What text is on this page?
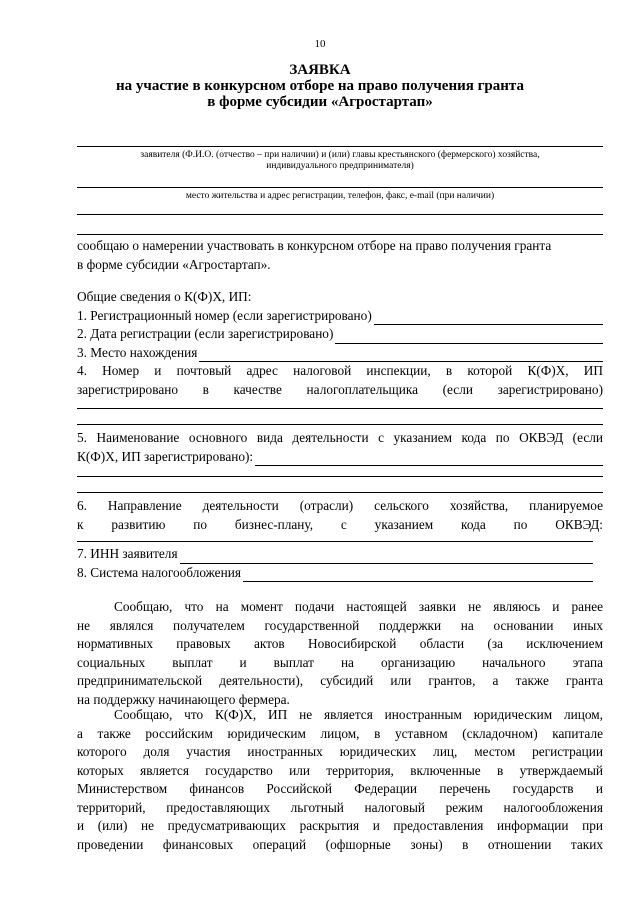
10
ЗАЯВКА
на участие в конкурсном отборе на право получения гранта
в форме субсидии «Агростартап»
заявителя (Ф.И.О. (отчество – при наличии) и (или) главы крестьянского (фермерского) хозяйства,
индивидуального предпринимателя)
место жительства и адрес регистрации, телефон, факс, e-mail (при наличии)
сообщаю о намерении участвовать в конкурсном отборе на право получения гранта
в форме субсидии «Агростартап».
Общие сведения о К(Ф)Х, ИП:
1. Регистрационный номер (если зарегистрировано)
2. Дата регистрации (если зарегистрировано)
3. Место нахождения
4. Номер и почтовый адрес налоговой инспекции, в которой К(Ф)Х, ИП
зарегистрировано в качестве налогоплательщика (если зарегистрировано)
5. Наименование основного вида деятельности с указанием кода по ОКВЭД (если
К(Ф)Х, ИП зарегистрировано):
6. Направление деятельности (отрасли) сельского хозяйства, планируемое
к развитию по бизнес-плану, с указанием кода по ОКВЭД:
7. ИНН заявителя
8. Система налогообложения
Сообщаю, что на момент подачи настоящей заявки не являюсь и ранее
не являлся получателем государственной поддержки на основании иных
нормативных правовых актов Новосибирской области (за исключением
социальных выплат и выплат на организацию начального этапа
предпринимательской деятельности), субсидий или грантов, а также гранта
на поддержку начинающего фермера.
Сообщаю, что К(Ф)Х, ИП не является иностранным юридическим лицом,
а также российским юридическим лицом, в уставном (складочном) капитале
которого доля участия иностранных юридических лиц, местом регистрации
которых является государство или территория, включенные в утверждаемый
Министерством финансов Российской Федерации перечень государств и
территорий, предоставляющих льготный налоговый режим налогообложения
и (или) не предусматривающих раскрытия и предоставления информации при
проведении финансовых операций (офшорные зоны) в отношении таких
